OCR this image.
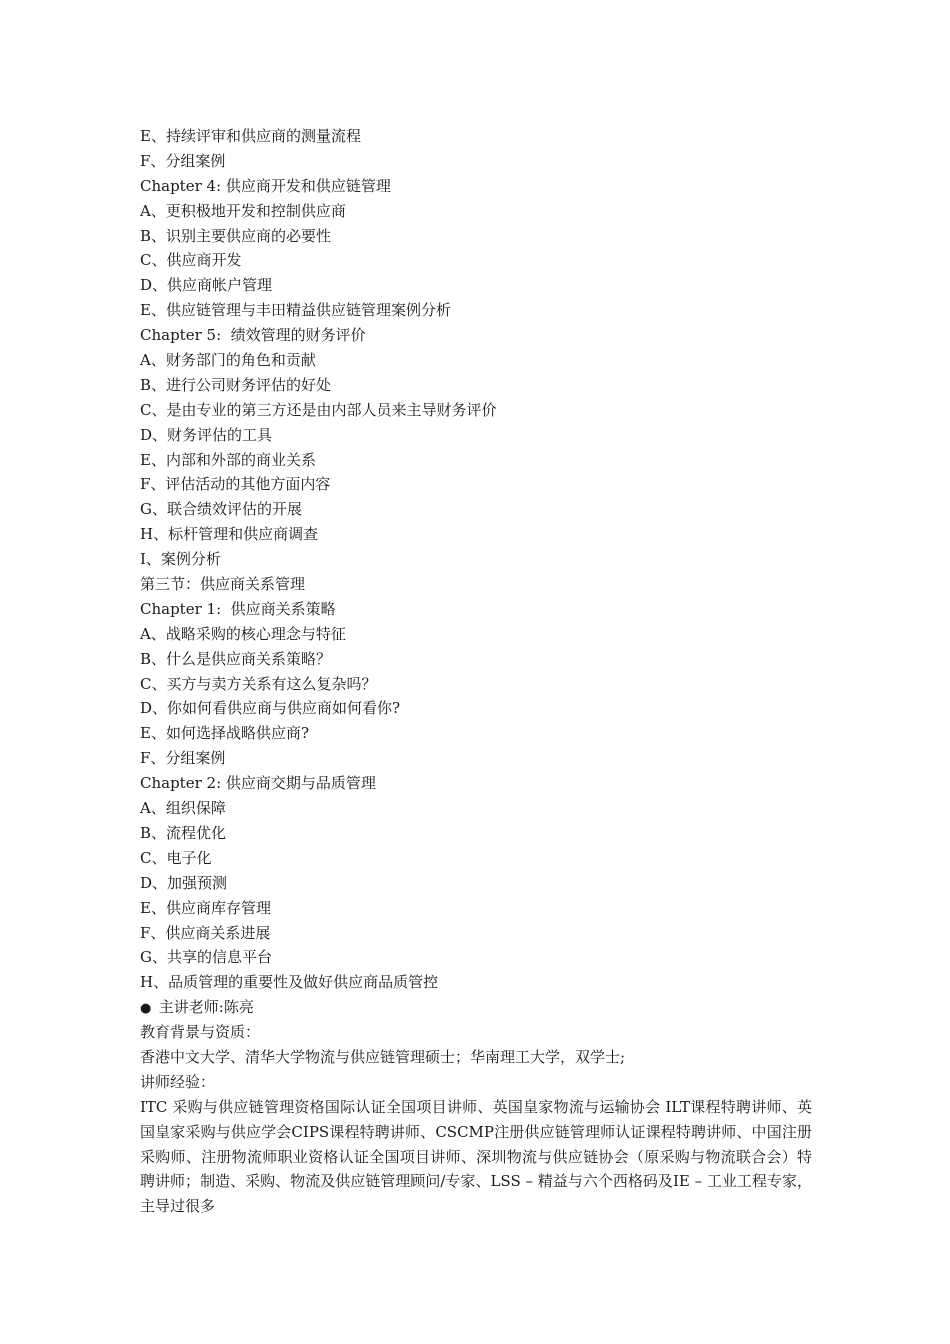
E、持续评审和供应商的测量流程
F、分组案例
Chapter 4: 供应商开发和供应链管理
A、更积极地开发和控制供应商
B、识别主要供应商的必要性
C、供应商开发
D、供应商帐户管理
E、供应链管理与丰田精益供应链管理案例分析
Chapter 5:  绩效管理的财务评价
A、财务部门的角色和贡献
B、进行公司财务评估的好处
C、是由专业的第三方还是由内部人员来主导财务评价
D、财务评估的工具
E、内部和外部的商业关系
F、评估活动的其他方面内容
G、联合绩效评估的开展
H、标杆管理和供应商调查
I、案例分析
第三节：供应商关系管理
Chapter 1:  供应商关系策略
A、战略采购的核心理念与特征
B、什么是供应商关系策略？
C、买方与卖方关系有这么复杂吗？
D、你如何看供应商与供应商如何看你?
E、如何选择战略供应商?
F、分组案例
Chapter 2: 供应商交期与品质管理
A、组织保障
B、流程优化
C、电子化
D、加强预测
E、供应商库存管理
F、供应商关系进展
G、共享的信息平台
H、品质管理的重要性及做好供应商品质管控
● 主讲老师:陈亮
教育背景与资质：
香港中文大学、清华大学物流与供应链管理硕士；华南理工大学，双学士;
讲师经验：
ITC 采购与供应链管理资格国际认证全国项目讲师、英国皇家物流与运输协会 ILT课程特聘讲师、英国皇家采购与供应学会CIPS课程特聘讲师、CSCMP注册供应链管理师认证课程特聘讲师、中国注册采购师、注册物流师职业资格认证全国项目讲师、深圳物流与供应链协会（原采购与物流联合会）特聘讲师；制造、采购、物流及供应链管理顾问/专家、LSS – 精益与六个西格码及IE – 工业工程专家，主导过很多
